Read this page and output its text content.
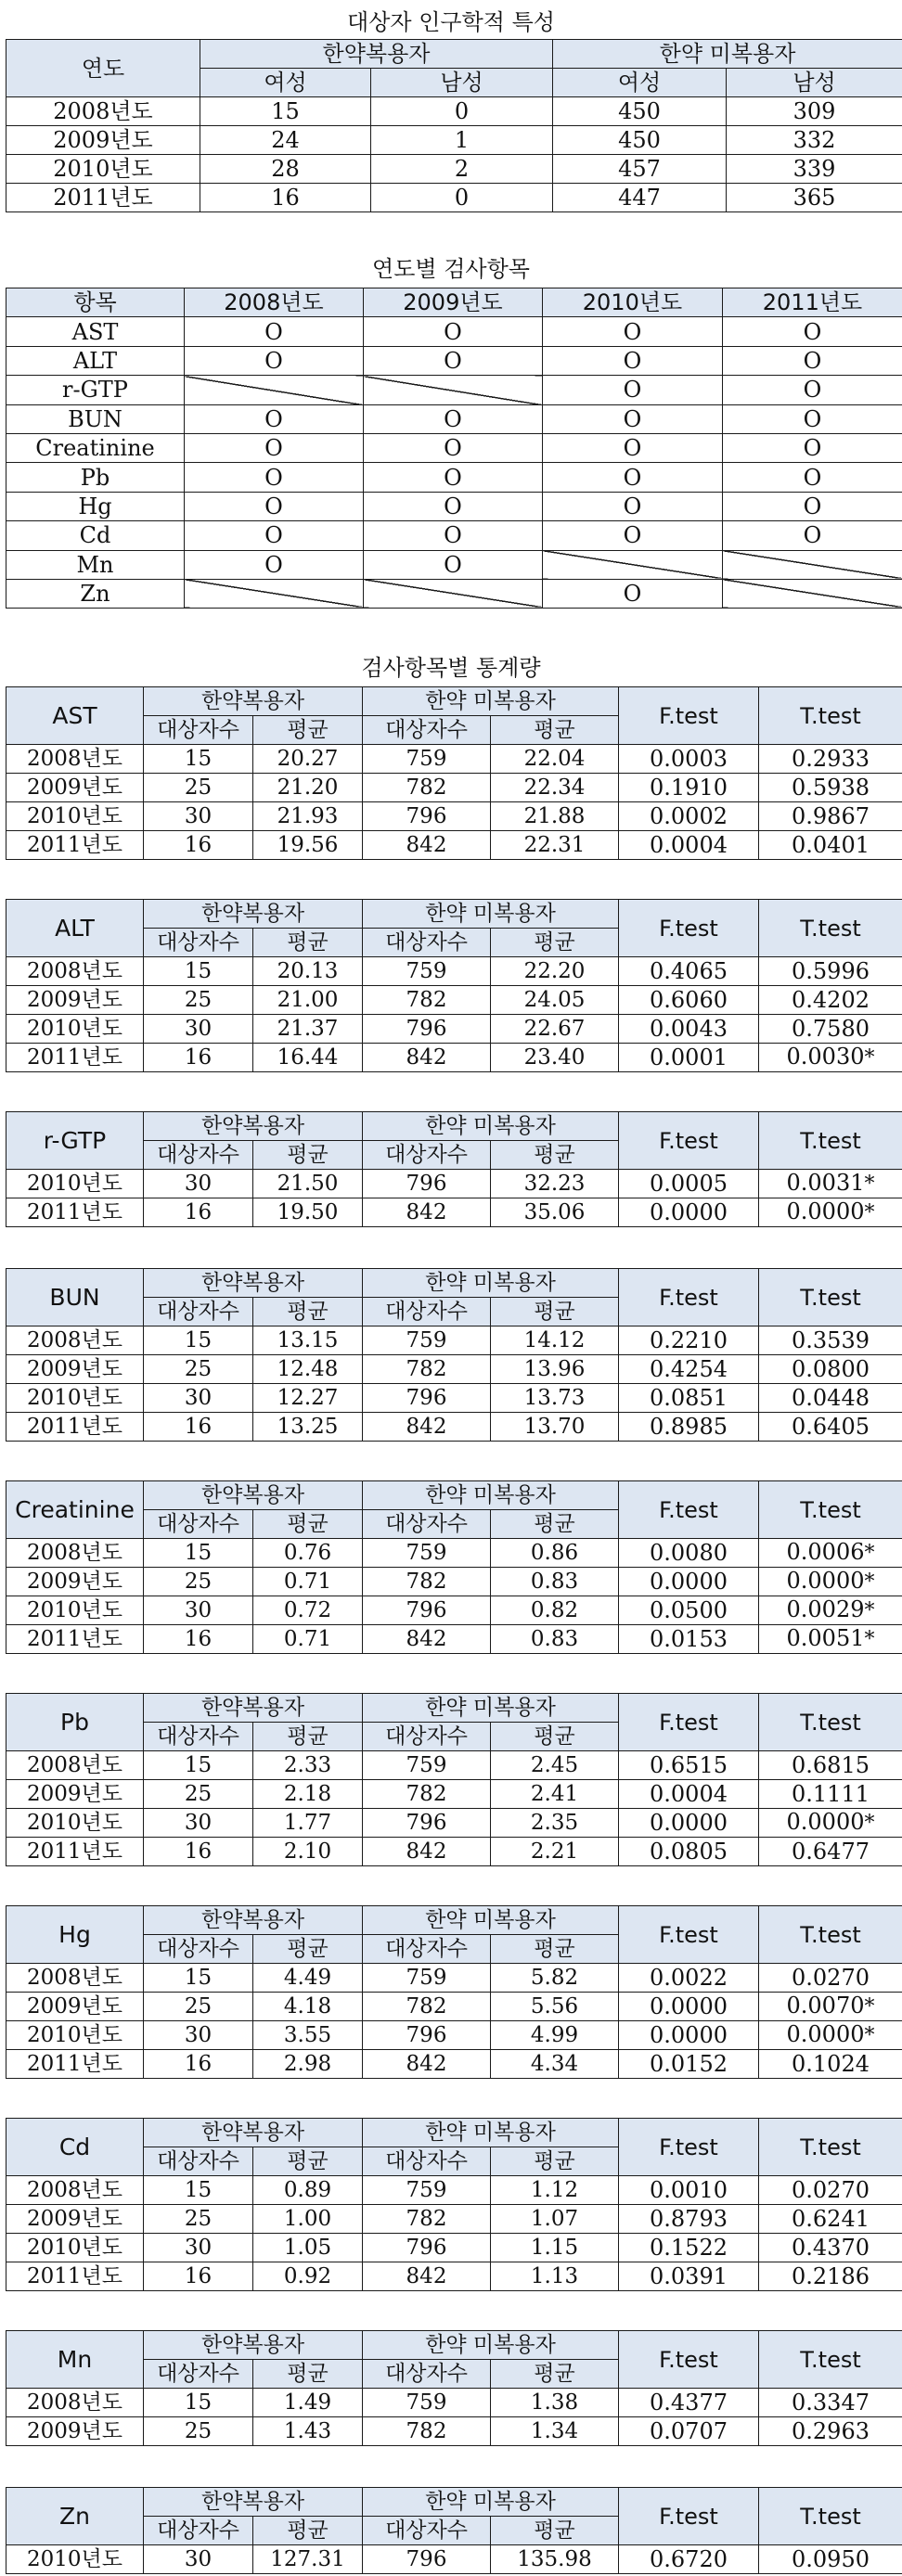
대상자 인구학적 특성
연도	한약복용자		한약 미복용자	
	여성	남성	여성	남성
2008년도	15	0	450	309
2009년도	24	1	450	332
2010년도	28	2	457	339
2011년도	16	0	447	365
연도별 검사항목
항목	2008년도	2009년도	2010년도	2011년도
AST	O	O	O	O
ALT	O	O	O	O
r-GTP			O	O
BUN	O	O	O	O
Creatinine	O	O	O	O
Pb	O	O	O	O
Hg	O	O	O	O
Cd	O	O	O	O
Mn	O	O		
Zn			O	
검사항목별 통계량
AST	한약복용자		한약 미복용자		F.test	T.test
	대상자수	평균	대상자수	평균		
2008년도	15	20.27	759	22.04	0.0003	0.2933
2009년도	25	21.20	782	22.34	0.1910	0.5938
2010년도	30	21.93	796	21.88	0.0002	0.9867
2011년도	16	19.56	842	22.31	0.0004	0.0401
ALT	한약복용자		한약 미복용자		F.test	T.test
	대상자수	평균	대상자수	평균		
2008년도	15	20.13	759	22.20	0.4065	0.5996
2009년도	25	21.00	782	24.05	0.6060	0.4202
2010년도	30	21.37	796	22.67	0.0043	0.7580
2011년도	16	16.44	842	23.40	0.0001	0.0030*
r-GTP	한약복용자		한약 미복용자		F.test	T.test
	대상자수	평균	대상자수	평균		
2010년도	30	21.50	796	32.23	0.0005	0.0031*
2011년도	16	19.50	842	35.06	0.0000	0.0000*
BUN	한약복용자		한약 미복용자		F.test	T.test
	대상자수	평균	대상자수	평균		
2008년도	15	13.15	759	14.12	0.2210	0.3539
2009년도	25	12.48	782	13.96	0.4254	0.0800
2010년도	30	12.27	796	13.73	0.0851	0.0448
2011년도	16	13.25	842	13.70	0.8985	0.6405
Creatinine	한약복용자		한약 미복용자		F.test	T.test
	대상자수	평균	대상자수	평균		
2008년도	15	0.76	759	0.86	0.0080	0.0006*
2009년도	25	0.71	782	0.83	0.0000	0.0000*
2010년도	30	0.72	796	0.82	0.0500	0.0029*
2011년도	16	0.71	842	0.83	0.0153	0.0051*
Pb	한약복용자		한약 미복용자		F.test	T.test
	대상자수	평균	대상자수	평균		
2008년도	15	2.33	759	2.45	0.6515	0.6815
2009년도	25	2.18	782	2.41	0.0004	0.1111
2010년도	30	1.77	796	2.35	0.0000	0.0000*
2011년도	16	2.10	842	2.21	0.0805	0.6477
Hg	한약복용자		한약 미복용자		F.test	T.test
	대상자수	평균	대상자수	평균		
2008년도	15	4.49	759	5.82	0.0022	0.0270
2009년도	25	4.18	782	5.56	0.0000	0.0070*
2010년도	30	3.55	796	4.99	0.0000	0.0000*
2011년도	16	2.98	842	4.34	0.0152	0.1024
Cd	한약복용자		한약 미복용자		F.test	T.test
	대상자수	평균	대상자수	평균		
2008년도	15	0.89	759	1.12	0.0010	0.0270
2009년도	25	1.00	782	1.07	0.8793	0.6241
2010년도	30	1.05	796	1.15	0.1522	0.4370
2011년도	16	0.92	842	1.13	0.0391	0.2186
Mn	한약복용자		한약 미복용자		F.test	T.test
	대상자수	평균	대상자수	평균		
2008년도	15	1.49	759	1.38	0.4377	0.3347
2009년도	25	1.43	782	1.34	0.0707	0.2963
Zn	한약복용자		한약 미복용자		F.test	T.test
	대상자수	평균	대상자수	평균		
2010년도	30	127.31	796	135.98	0.6720	0.0950
